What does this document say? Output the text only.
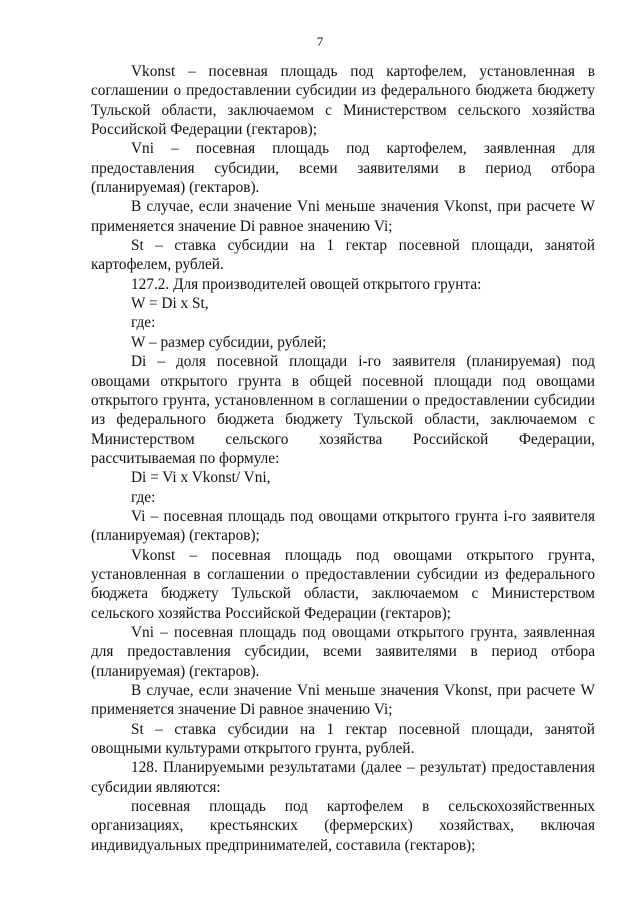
7

Vkonst – посевная площадь под картофелем, установленная в соглашении о предоставлении субсидии из федерального бюджета бюджету Тульской области, заключаемом с Министерством сельского хозяйства Российской Федерации (гектаров);

Vni – посевная площадь под картофелем, заявленная для предоставления субсидии, всеми заявителями в период отбора (планируемая) (гектаров).

В случае, если значение Vni меньше значения Vkonst, при расчете W применяется значение Di равное значению Vi;

St – ставка субсидии на 1 гектар посевной площади, занятой картофелем, рублей.

127.2. Для производителей овощей открытого грунта:

W = Di x St,

где:

W – размер субсидии, рублей;

Di – доля посевной площади i-го заявителя (планируемая) под овощами открытого грунта в общей посевной площади под овощами открытого грунта, установленном в соглашении о предоставлении субсидии из федерального бюджета бюджету Тульской области, заключаемом с Министерством сельского хозяйства Российской Федерации, рассчитываемая по формуле:

Di = Vi x Vkonst/ Vni,

где:

Vi – посевная площадь под овощами открытого грунта i-го заявителя (планируемая) (гектаров);

Vkonst – посевная площадь под овощами открытого грунта, установленная в соглашении о предоставлении субсидии из федерального бюджета бюджету Тульской области, заключаемом с Министерством сельского хозяйства Российской Федерации (гектаров);

Vni – посевная площадь под овощами открытого грунта, заявленная для предоставления субсидии, всеми заявителями в период отбора (планируемая) (гектаров).

В случае, если значение Vni меньше значения Vkonst, при расчете W применяется значение Di равное значению Vi;

St – ставка субсидии на 1 гектар посевной площади, занятой овощными культурами открытого грунта, рублей.

128. Планируемыми результатами (далее – результат) предоставления субсидии являются:

посевная площадь под картофелем в сельскохозяйственных организациях, крестьянских (фермерских) хозяйствах, включая индивидуальных предпринимателей, составила (гектаров);
